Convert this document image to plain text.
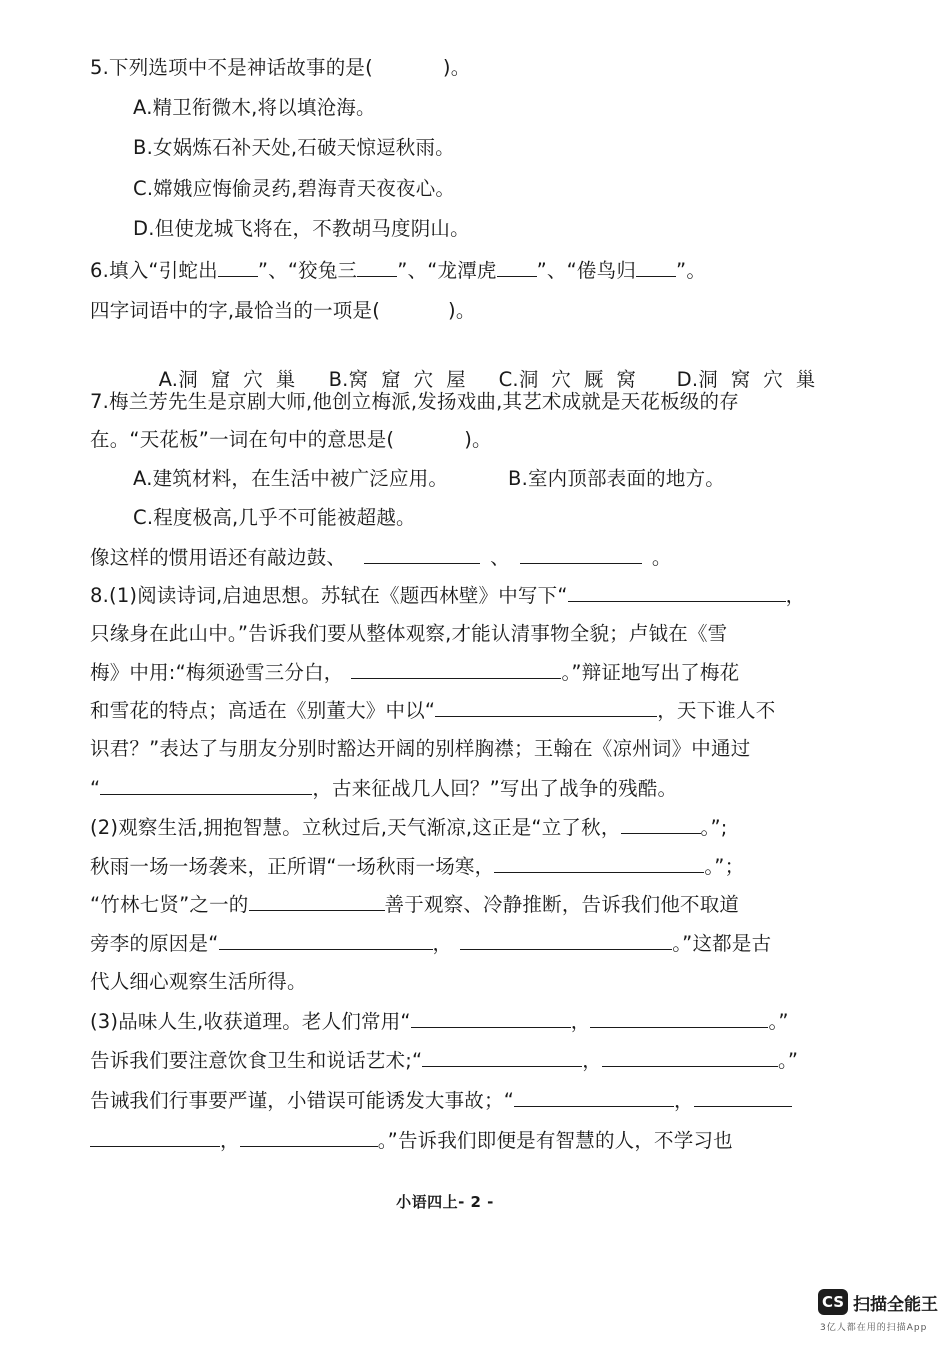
5.下列选项中不是神话故事的是(	)。
A.精卫衔微木,将以填沧海。
B.女娲炼石补天处,石破天惊逗秋雨。
C.嫦娥应悔偷灵药,碧海青天夜夜心。
D.但使龙城飞将在，不教胡马度阴山。
6.填入“引蛇出 ”、“狡兔三 ”、“龙潭虎 ”、“倦鸟归 ”。
四字词语中的字,最恰当的一项是(	)。

A.洞  窟  穴  巢 B.窝  窟  穴  屋 C.洞  穴  厩  窝 D.洞  窝  穴  巢

7.梅兰芳先生是京剧大师,他创立梅派,发扬戏曲,其艺术成就是天花板级的存
在。“天花板”一词在句中的意思是(	)。
A.建筑材料，在生活中被广泛应用。	B.室内顶部表面的地方。
C.程度极高,几乎不可能被超越。
像这样的惯用语还有敲边鼓、	、	。
8.(1)阅读诗词,启迪思想。苏轼在《题西林壁》中写下“	，
只缘身在此山中。”告诉我们要从整体观察,才能认清事物全貌；卢钺在《雪
梅》中用:“梅须逊雪三分白，	。”辩证地写出了梅花
和雪花的特点；高适在《别董大》中以“	，天下谁人不
识君？”表达了与朋友分别时豁达开阔的别样胸襟；王翰在《凉州词》中通过
“	，古来征战几人回？”写出了战争的残酷。
(2)观察生活,拥抱智慧。立秋过后,天气渐凉,这正是“立了秋，	。”;
秋雨一场一场袭来，正所谓“一场秋雨一场寒，	。”；
“竹林七贤”之一的	善于观察、冷静推断，告诉我们他不取道
旁李的原因是“	，	。”这都是古
代人细心观察生活所得。
(3)品味人生,收获道理。老人们常用“	，	。”
告诉我们要注意饮食卫生和说话艺术;“	，	。”
告诫我们行事要严谨，小错误可能诱发大事故；“	，
，	。”告诉我们即便是有智慧的人，不学习也
小语四上- 2 -
CS 扫描全能王
3亿人都在用的扫描App
